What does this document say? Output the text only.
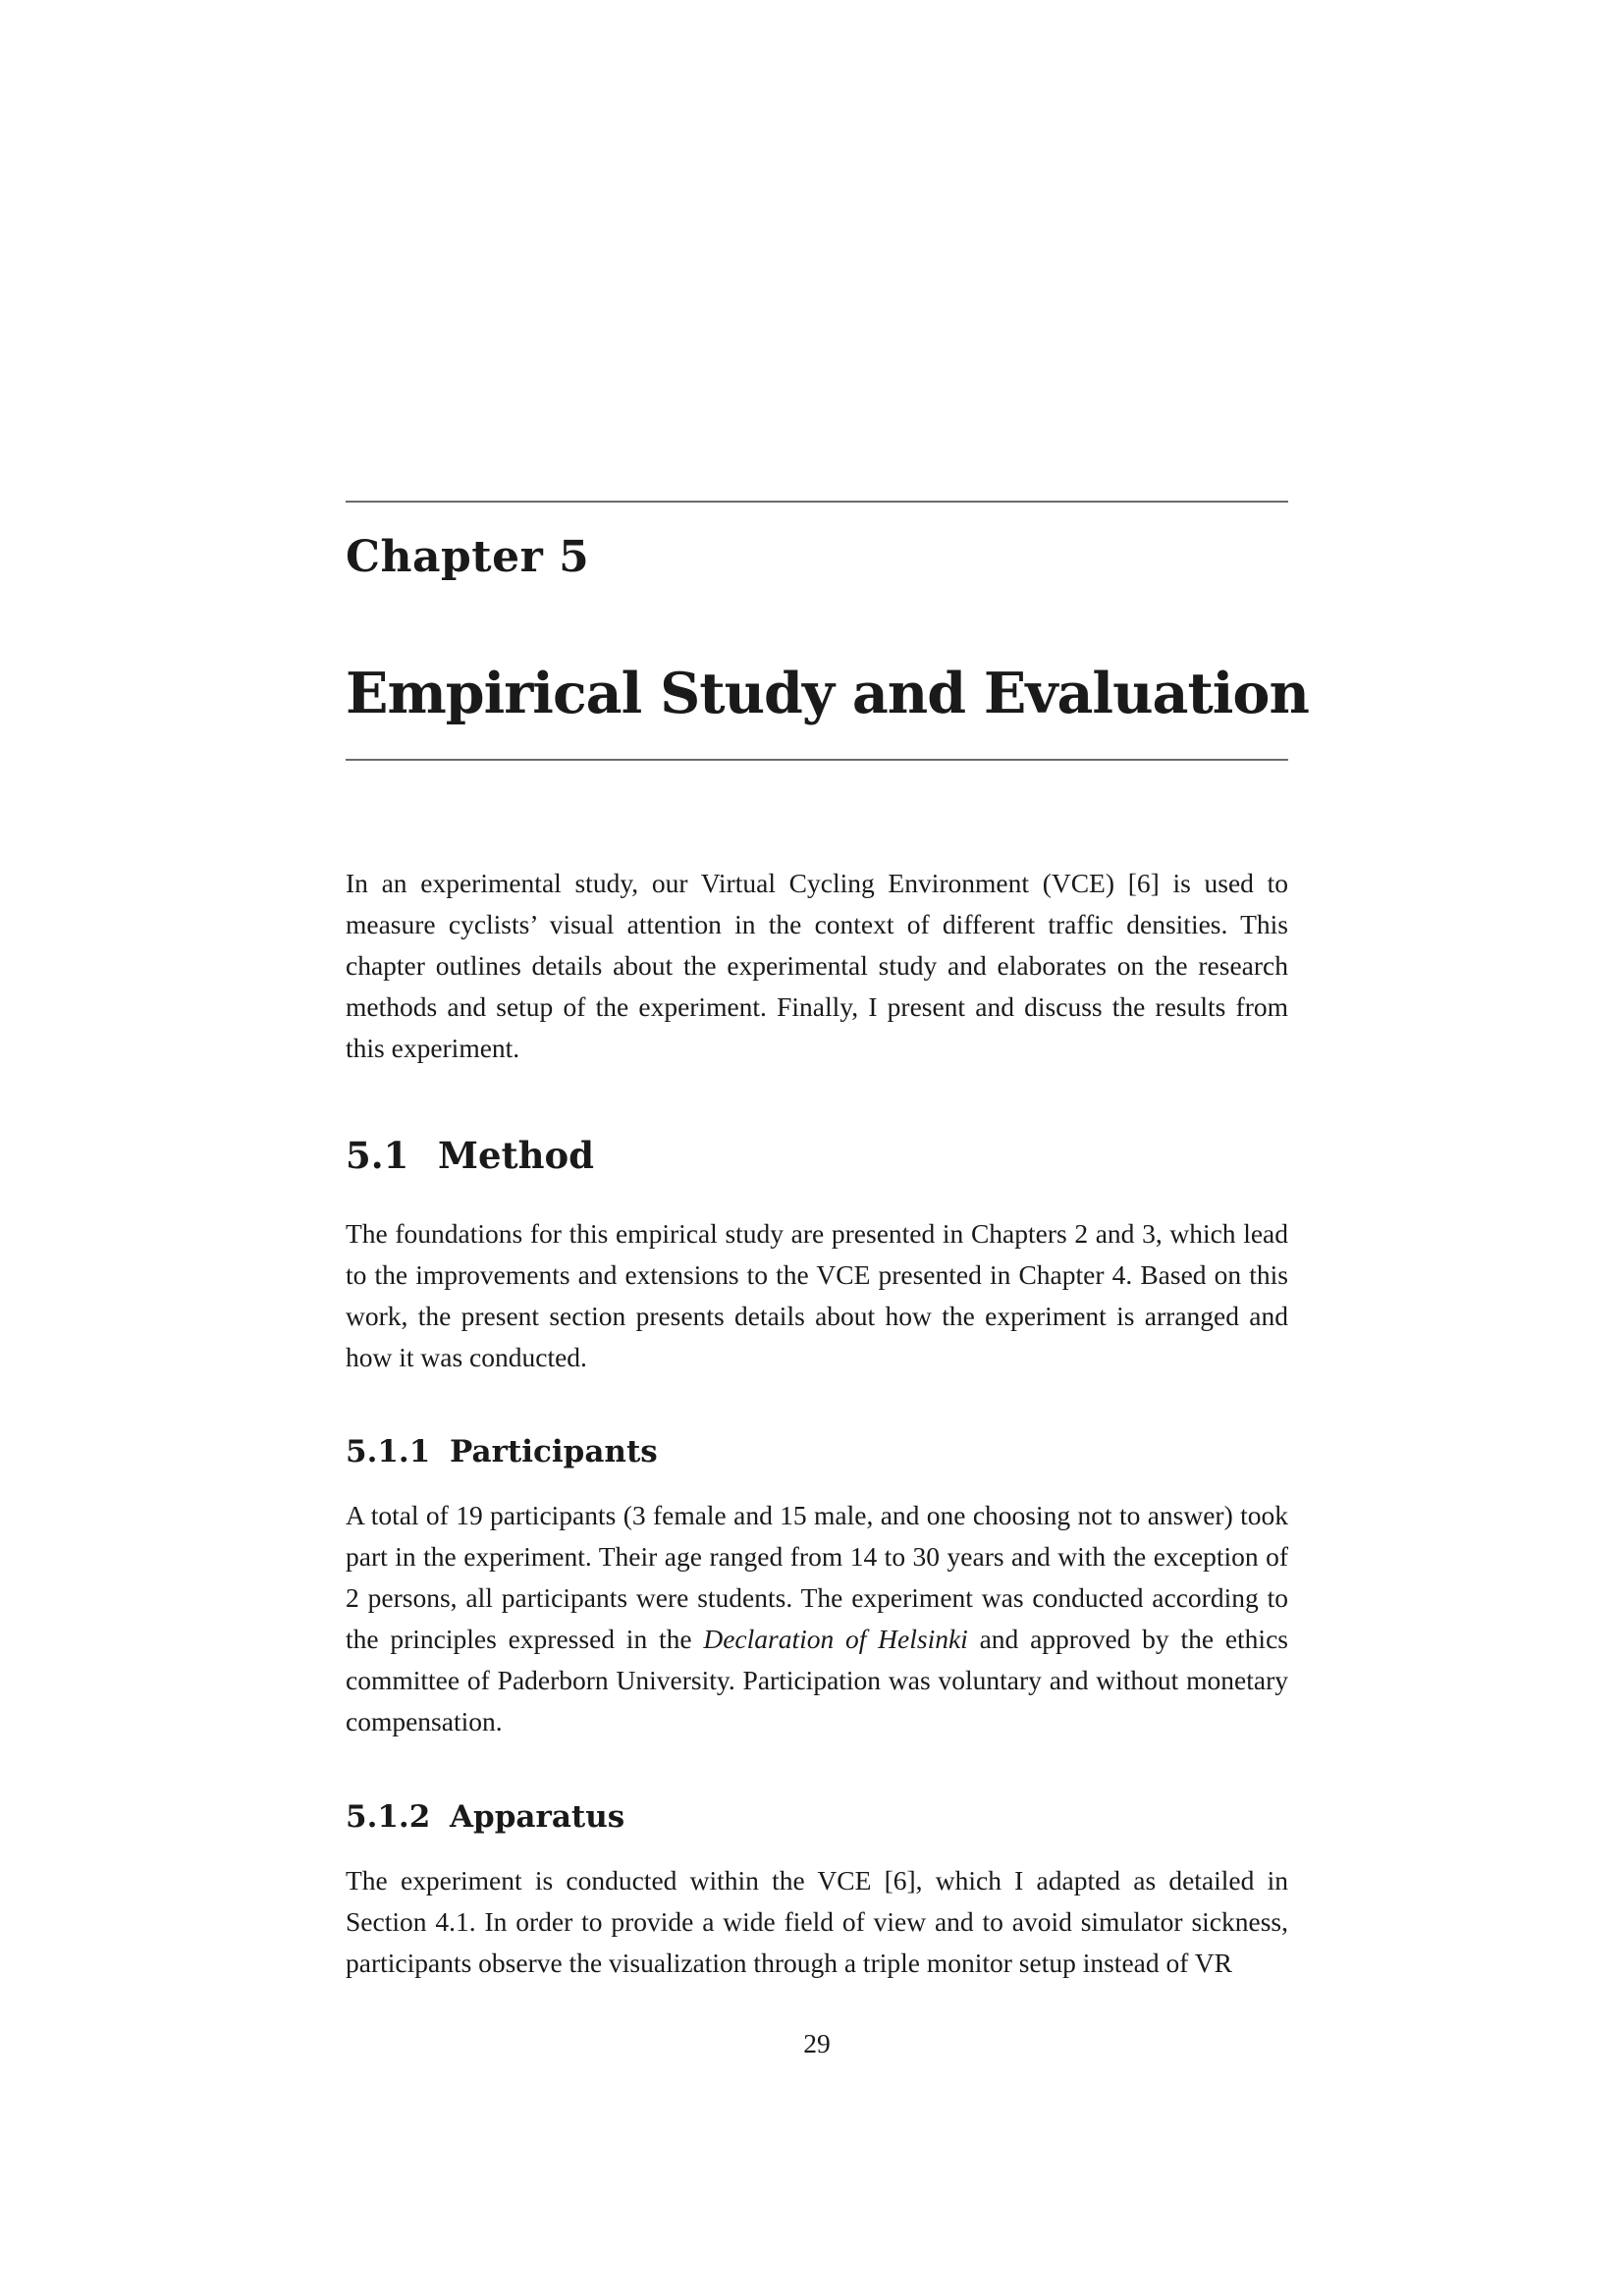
Chapter 5
Empirical Study and Evaluation

In an experimental study, our Virtual Cycling Environment (VCE) [6] is used to measure cyclists’ visual attention in the context of different traffic densities. This chapter outlines details about the experimental study and elaborates on the research methods and setup of the experiment. Finally, I present and discuss the results from this experiment.

5.1 Method

The foundations for this empirical study are presented in Chapters 2 and 3, which lead to the improvements and extensions to the VCE presented in Chapter 4. Based on this work, the present section presents details about how the experiment is arranged and how it was conducted.

5.1.1 Participants

A total of 19 participants (3 female and 15 male, and one choosing not to answer) took part in the experiment. Their age ranged from 14 to 30 years and with the exception of 2 persons, all participants were students. The experiment was conducted according to the principles expressed in the Declaration of Helsinki and approved by the ethics committee of Paderborn University. Participation was voluntary and without monetary compensation.

5.1.2 Apparatus

The experiment is conducted within the VCE [6], which I adapted as detailed in Section 4.1. In order to provide a wide field of view and to avoid simulator sickness, participants observe the visualization through a triple monitor setup instead of VR

29
